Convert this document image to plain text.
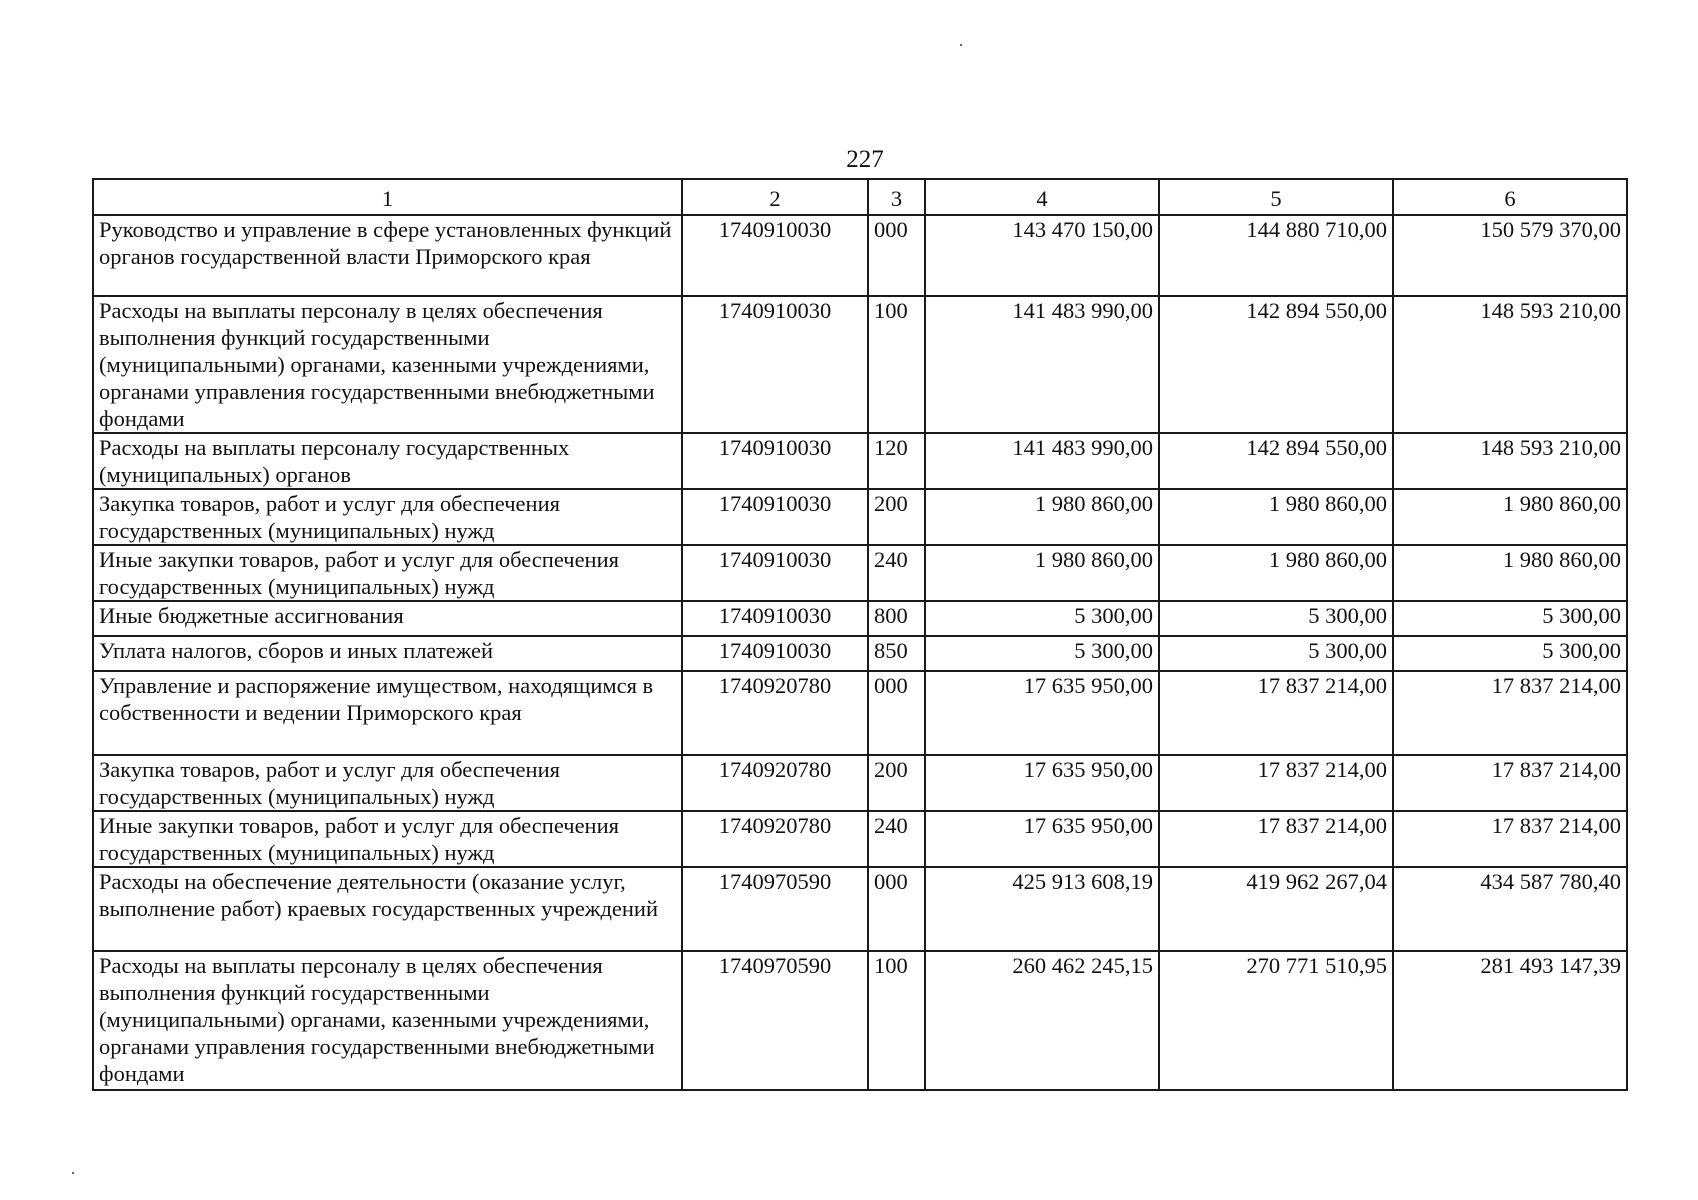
227
1	2	3	4	5	6
Руководство и управление в сфере установленных функций органов государственной власти Приморского края	1740910030	000	143 470 150,00	144 880 710,00	150 579 370,00
Расходы на выплаты персоналу в целях обеспечения выполнения функций государственными (муниципальными) органами, казенными учреждениями, органами управления государственными внебюджетными фондами	1740910030	100	141 483 990,00	142 894 550,00	148 593 210,00
Расходы на выплаты персоналу государственных (муниципальных) органов	1740910030	120	141 483 990,00	142 894 550,00	148 593 210,00
Закупка товаров, работ и услуг для обеспечения государственных (муниципальных) нужд	1740910030	200	1 980 860,00	1 980 860,00	1 980 860,00
Иные закупки товаров, работ и услуг для обеспечения государственных (муниципальных) нужд	1740910030	240	1 980 860,00	1 980 860,00	1 980 860,00
Иные бюджетные ассигнования	1740910030	800	5 300,00	5 300,00	5 300,00
Уплата налогов, сборов и иных платежей	1740910030	850	5 300,00	5 300,00	5 300,00
Управление и распоряжение имуществом, находящимся в собственности и ведении Приморского края	1740920780	000	17 635 950,00	17 837 214,00	17 837 214,00
Закупка товаров, работ и услуг для обеспечения государственных (муниципальных) нужд	1740920780	200	17 635 950,00	17 837 214,00	17 837 214,00
Иные закупки товаров, работ и услуг для обеспечения государственных (муниципальных) нужд	1740920780	240	17 635 950,00	17 837 214,00	17 837 214,00
Расходы на обеспечение деятельности (оказание услуг, выполнение работ) краевых государственных учреждений	1740970590	000	425 913 608,19	419 962 267,04	434 587 780,40
Расходы на выплаты персоналу в целях обеспечения выполнения функций государственными (муниципальными) органами, казенными учреждениями, органами управления государственными внебюджетными фондами	1740970590	100	260 462 245,15	270 771 510,95	281 493 147,39
